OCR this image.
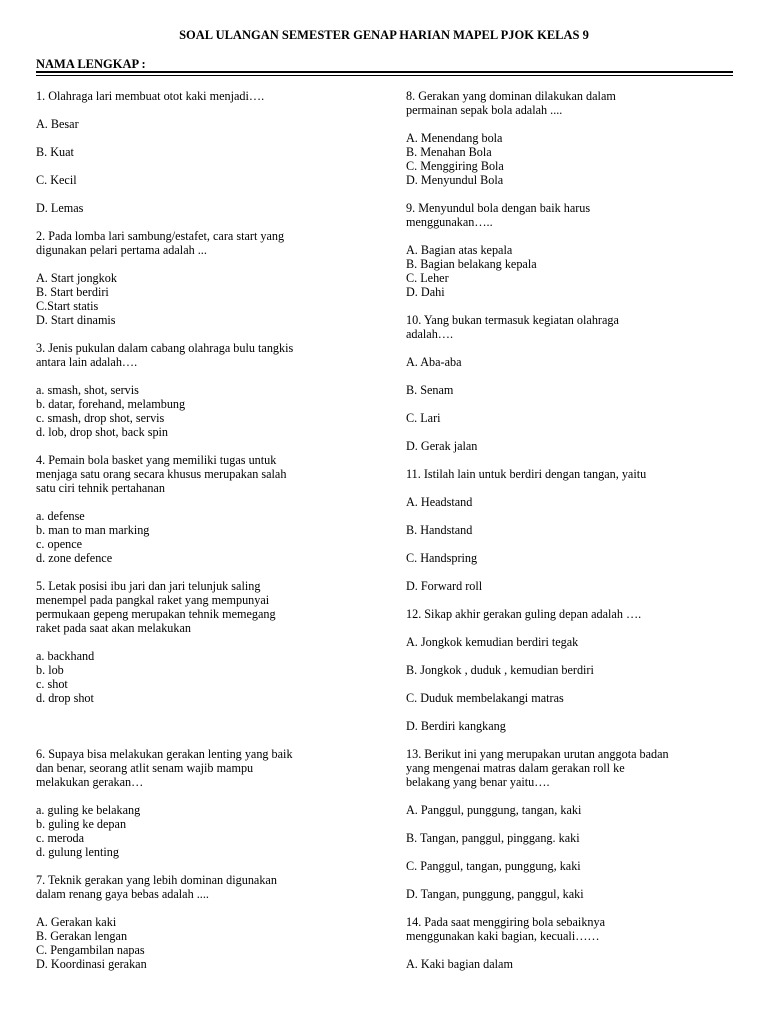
SOAL ULANGAN SEMESTER GENAP HARIAN MAPEL PJOK KELAS 9
NAMA LENGKAP :
1. Olahraga lari membuat otot kaki menjadi….
A. Besar
B. Kuat
C. Kecil
D. Lemas
2. Pada lomba lari sambung/estafet, cara start yang
digunakan pelari pertama adalah ...
A. Start jongkok
B. Start berdiri
C.Start statis
D. Start dinamis
3. Jenis pukulan dalam cabang olahraga bulu tangkis
antara lain adalah….
a. smash, shot, servis
b. datar, forehand, melambung
c. smash, drop shot, servis
d. lob, drop shot, back spin
4. Pemain bola basket yang memiliki tugas untuk
menjaga satu orang secara khusus merupakan salah
satu ciri tehnik pertahanan
a. defense
b. man to man marking
c. opence
d. zone defence
5. Letak posisi ibu jari dan jari telunjuk saling
menempel pada pangkal raket yang mempunyai
permukaan gepeng merupakan tehnik memegang
raket pada saat akan melakukan
a. backhand
b. lob
c. shot
d. drop shot
6. Supaya bisa melakukan gerakan lenting yang baik
dan benar, seorang atlit senam wajib mampu
melakukan gerakan…
a. guling ke belakang
b. guling ke depan
c. meroda
d. gulung lenting
7. Teknik gerakan yang lebih dominan digunakan
dalam renang gaya bebas adalah ....
A. Gerakan kaki
B. Gerakan lengan
C. Pengambilan napas
D. Koordinasi gerakan
8. Gerakan yang dominan dilakukan dalam
permainan sepak bola adalah ....
A. Menendang bola
B. Menahan Bola
C. Menggiring Bola
D. Menyundul Bola
9. Menyundul bola dengan baik harus
menggunakan…..
A. Bagian atas kepala
B. Bagian belakang kepala
C. Leher
D. Dahi
10. Yang bukan termasuk kegiatan olahraga
adalah….
A. Aba-aba
B. Senam
C. Lari
D. Gerak jalan
11. Istilah lain untuk berdiri dengan tangan, yaitu
A. Headstand
B. Handstand
C. Handspring
D. Forward roll
12. Sikap akhir gerakan guling depan adalah ….
A. Jongkok kemudian berdiri tegak
B. Jongkok , duduk , kemudian berdiri
C. Duduk membelakangi matras
D. Berdiri kangkang
13. Berikut ini yang merupakan urutan anggota badan
yang mengenai matras dalam gerakan roll ke
belakang yang benar yaitu….
A. Panggul, punggung, tangan, kaki
B. Tangan, panggul, pinggang. kaki
C. Panggul, tangan, punggung, kaki
D. Tangan, punggung, panggul, kaki
14. Pada saat menggiring bola sebaiknya
menggunakan kaki bagian, kecuali……
A. Kaki bagian dalam
